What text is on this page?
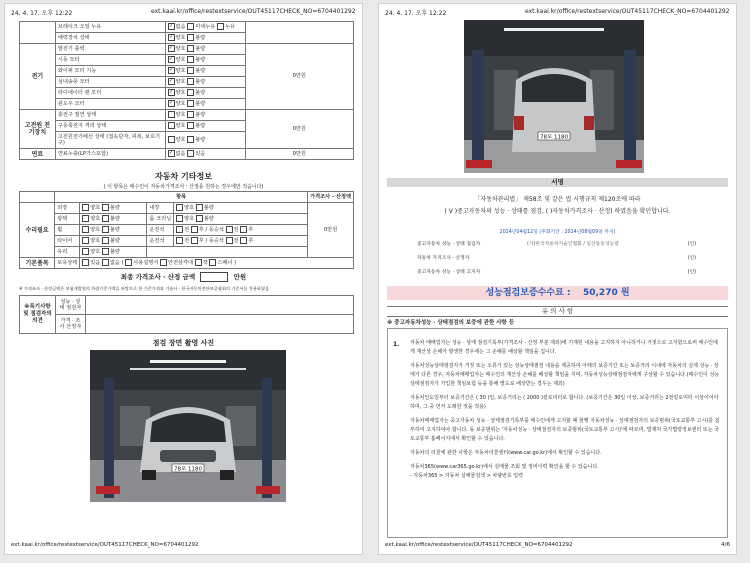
24. 4. 17. 오후 12:22	ext.kaai.kr/office/restextservice/OUT45117CHECK_NO=6704401292
	브레이크 오일 누유	✓ 없음 미세누유 누유	
	배력장치 상태	✓ 양호 불량	
전기	발전기 출력	✓ 양호 불량	0만원
	시동 모터	✓ 양호 불량	
	와이퍼 모터 기능	✓ 양호 불량	
	실내송풍 모터	✓ 양호 불량	
	라디에이터 팬 모터	✓ 양호 불량	
	윈도우 모터	✓ 양호 불량	
고전원 전기장치	충전구 절연 상태	양호 불량	0만원
	구동축전지 격리 상태	양호 불량	
	고전원전기배선 상태 (접속단자, 피복, 보호기구)	양호 불량	
연료	연료누출(LP가스포함)	✓ 없음 있음	0만원
자동차 기타정보
( 이 항목은 매수인이 자동차가격조사ㆍ산정을 원하는 경우에만 적습니다)
	항목				가격조사 - 산정액
수리필요	외장	양호 불량	내장	양호 불량	0만원
	광택	양호 불량	룸 크리닝	양호 불량	
	휠	양호 불량	운전석	전 후 / 동승석 전 후	
	타이어	양호 불량	운전석	전 후 / 동승석 전 후	
	유리	양호 불량			
기본품목	보유상태	있음 없음 ( 사용설명서 안전삼각대 잭 스패너 )			
최종 가격조사 · 산정 금액	만원
※ 가격조사 · 산정금액은 보험개발원의 차량기준가액을 바탕으로 한 기준가격과 기술사 · 한국자동차진단보증협회의 기준서를 적용하였음
※특기사항 및 점검자의 의견	성능 · 상태 점검자	
	가격 · 조사 산정자	
점검 장면 촬영 사진
78모 1180
ext.kaai.kr/office/restextservice/OUT45117CHECK_NO=6704401292
24. 4. 17. 오후 12:22	ext.kaai.kr/office/restextservice/OUT45117CHECK_NO=6704401292
78모 1180
서명
「자동차관리법」 제58조 및 같은 법 시행규칙 제120조에 따라
( V )중고자동차의 성능 · 상태를 점검, ( )자동차가격조사 · 산정) 하였음을 확인합니다.
2024년04월12일 (후화기간 : 2024년08월09일 까지)
중고자동차 성능 · 상태 점검자	(사)한국자동차기술인협회 / 일산동동성농장	(인)
자동차 가격조사 · 산정자	(인)
중고자동차 성능 · 상태 고지자	(인)
성능점검보증수수료 : 50,270 원
유 의 사 항
※ 중고자동차성능 · 상태점검의 보증에 관한 사항 등
1. 자동차 매매업자는 성능 · 상태 점검기록부(가격조사 · 산정 부분 제외)에 기재된 내용을 고지하지 아니하거나 거짓으로 고지함으로써 매수인에게 재산상 손해가 발생한 경우에는 그 손해를 배상할 책임을 집니다.
자동차성능상태점검자가 거짓 또는 오류가 있는 성능상태점검 내용을 제공하여 아래의 보증기간 또는 보증거리 이내에 자동차의 실제 성능 · 상태가 다른 경우, 자동차매매업자는 매수인의 재산상 손해를 배상할 책임을 지며, 자동차성능상태점검자에게 구상할 수 있습니다.(매수인이 성능상태점검자가 가입한 책임보험 등을 통해 별도로 배상받는 경우는 제외)
자동차인도일부터 보증기간은 ( 30 )일, 보증거리는 ( 2000 )킬로미터로 합니다. (보증기간은 30일 이상, 보증거리는 2천킬로미터 이상이어야 하며, 그 중 먼저 도래한 것을 적용)
자동차매매업자는 중고자동차 성능 · 상태점검기록부를 매수인에게 고지할 때 현행 자동차성능 · 상태점검자의 보증범위(국토교통부 고시)를 첨부하여 고지하여야 합니다. 동 보증범위는 '자동차성능 · 상태점검자의 보증범위(국토교통부 고시)'에 따르며, 법제처 국가법령정보센터 또는 국토교통부 홈페이지에서 확인할 수 있습니다.
자동차의 리콜에 관한 사항은 자동차리콜센터(www.car.go.kr)에서 확인할 수 있습니다.
자동차365(www.car365.go.kr)에서 실매물 조회 및 정비이력 확인을 할 수 있습니다.
- 자동차365 > 자동차 실매물검색 > 차량번호 입력
ext.kaai.kr/office/restextservice/OUT45117CHECK_NO=6704401292	4/6
